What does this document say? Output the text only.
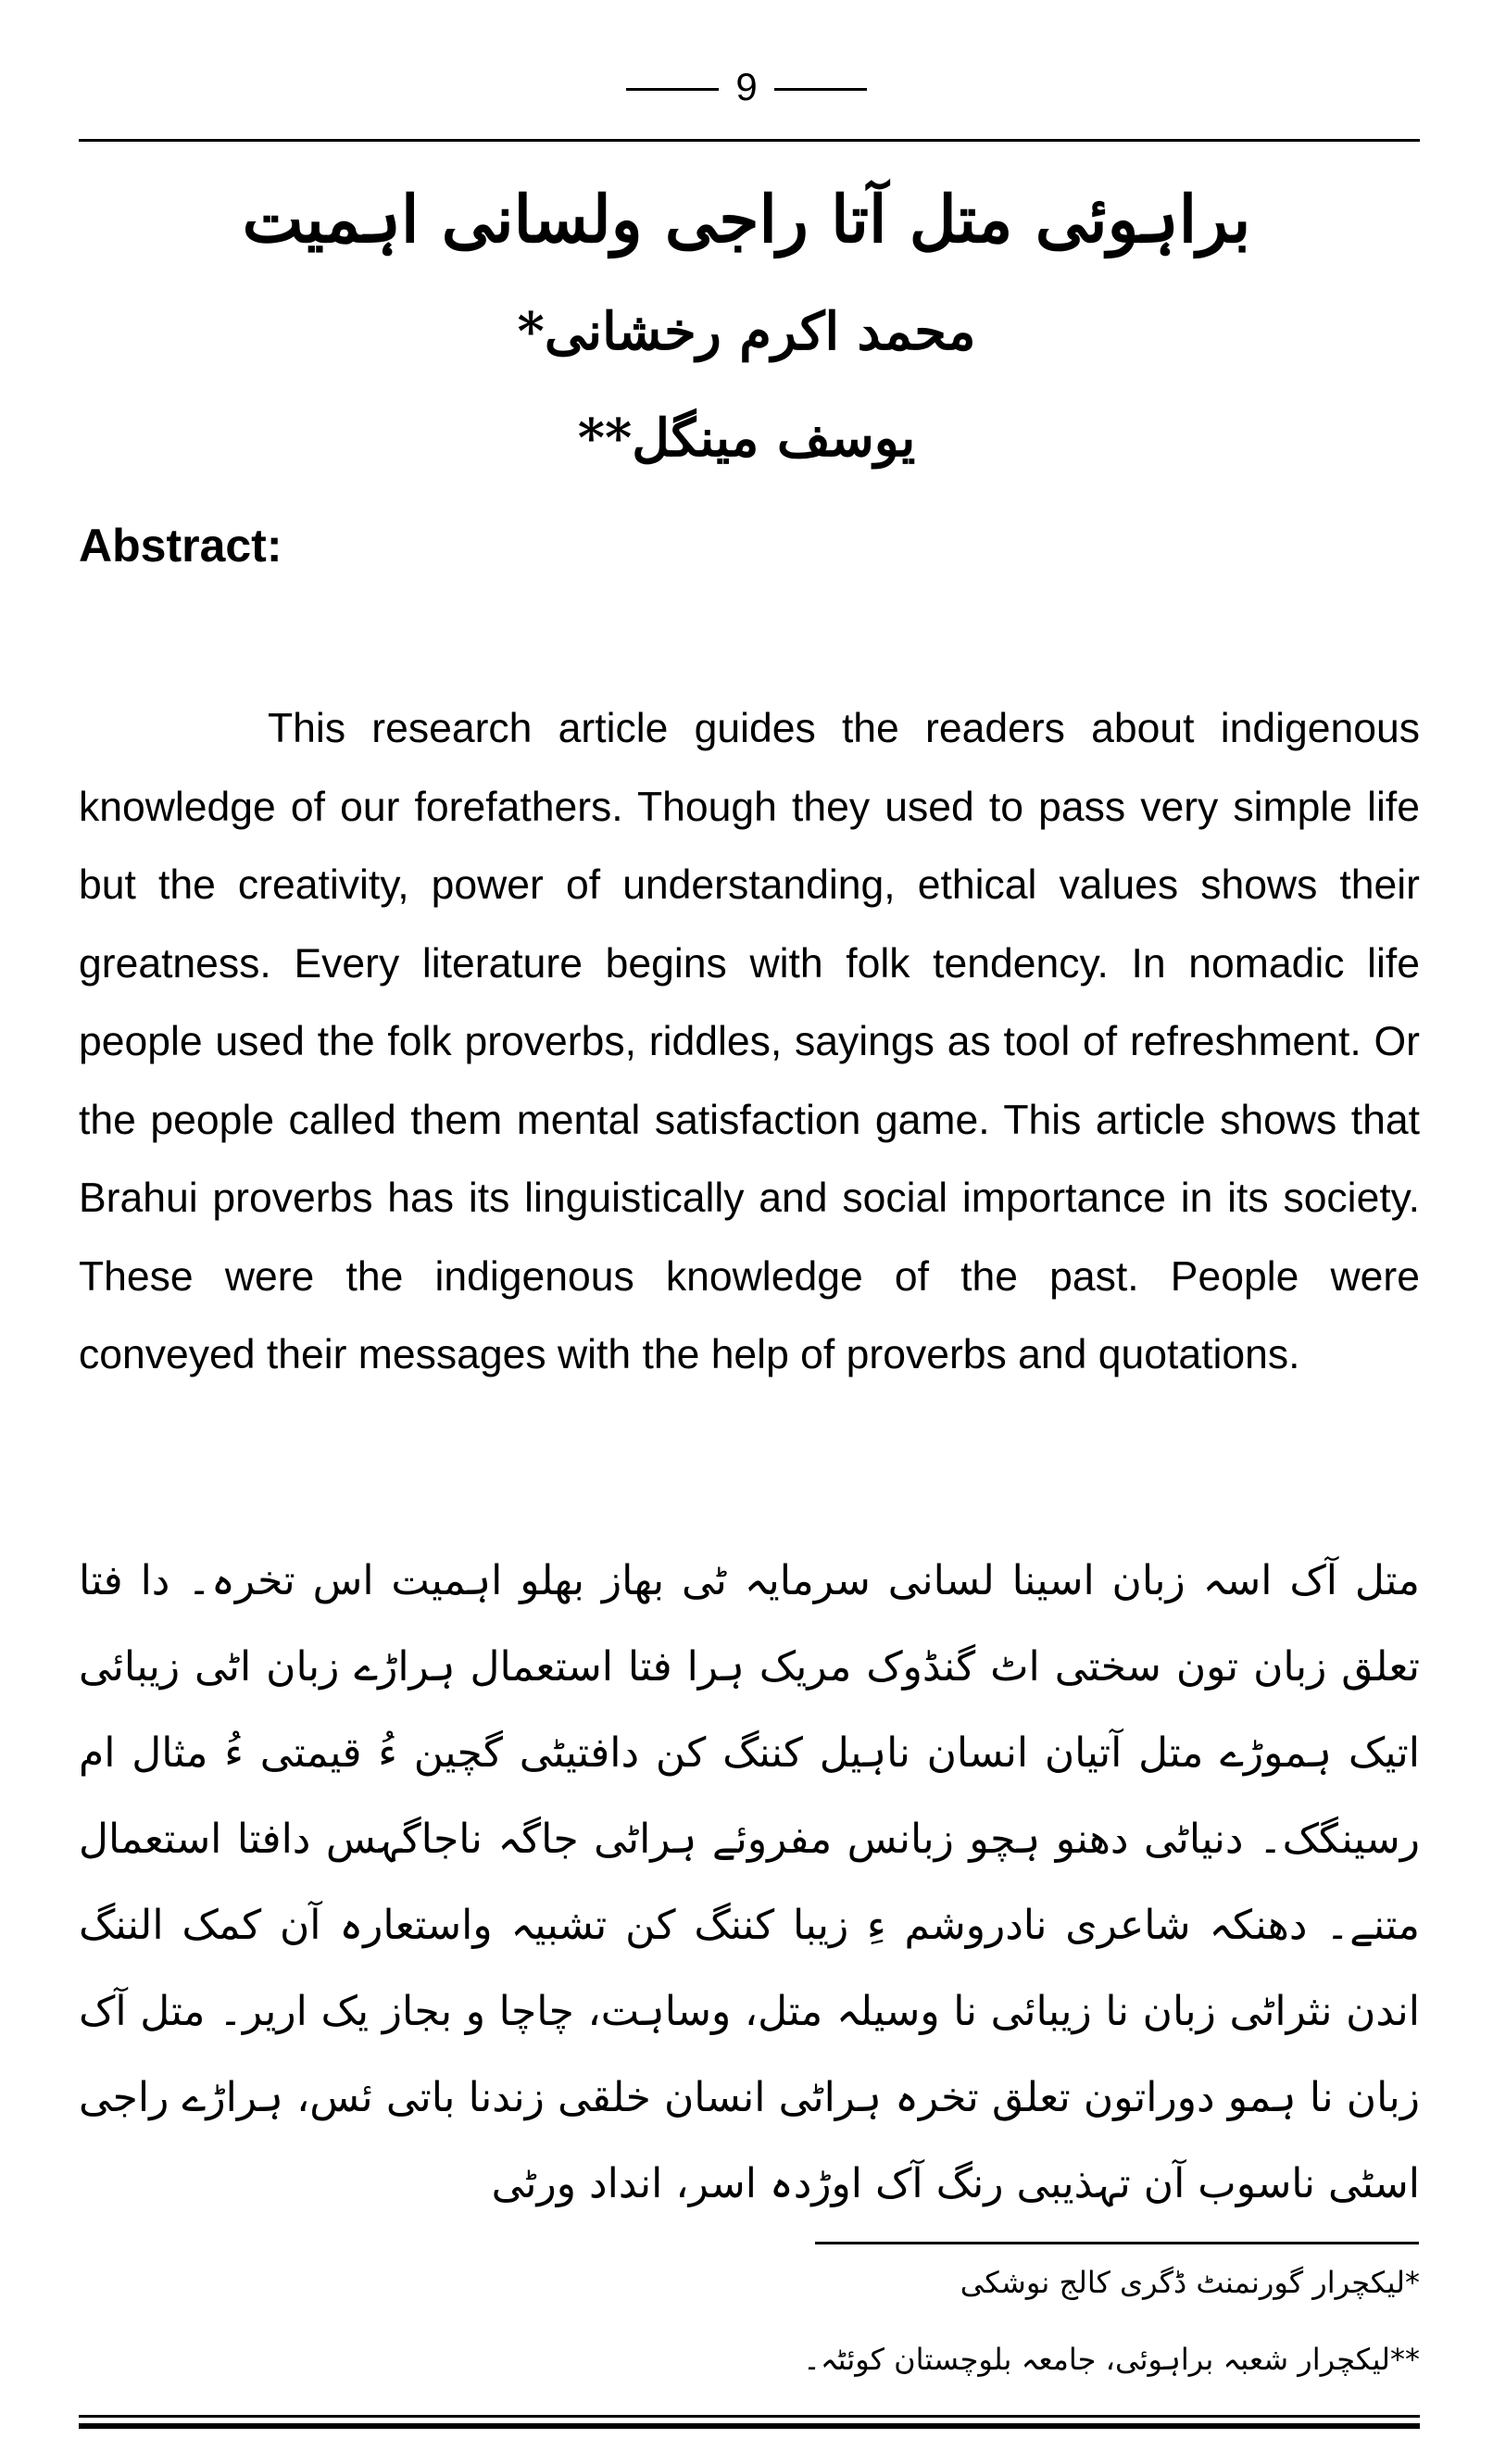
9
براہوئی متل آتا راجی ولسانی اہمیت
محمد اکرم رخشانی*
یوسف مینگل**
Abstract:
This research article guides the readers about indigenous knowledge of our forefathers. Though they used to pass very simple life but the creativity, power of understanding, ethical values shows their greatness. Every literature begins with folk tendency. In nomadic life people used the folk proverbs, riddles, sayings as tool of refreshment. Or the people called them mental satisfaction game. This article shows that Brahui proverbs has its linguistically and social importance in its society. These were the indigenous knowledge of the past. People were conveyed their messages with the help of proverbs and quotations.
متل آک اسہ زبان اسینا لسانی سرمایہ ٹی بھاز بھلو اہمیت اس تخرہ۔ دا فتا تعلق زبان تون سختی اٹ گنڈوک مریک ہرا فتا استعمال ہراڑے زبان اٹی زیبائی اتیک ہموڑے متل آتیان انسان ناہیل کننگ کن دافتیٹی گچین ءُ قیمتی ءُ مثال ام رسینگک۔ دنیاٹی دھنو ہچو زبانس مفروئے ہراٹی جاگہ ناجاگہس دافتا استعمال متنے۔ دھنکہ شاعری نادروشم ءِ زیبا کننگ کن تشبیہ واستعارہ آن کمک الننگ اندن نثراٹی زبان نا زیبائی نا وسیلہ متل، وساہت، چاچا و بجاز یک اریر۔ متل آک زبان نا ہمو دوراتون تعلق تخرہ ہراٹی انسان خلقی زندنا باتی ئس، ہراڑے راجی اسٹی ناسوب آن تہذیبی رنگ آک اوڑدہ اسر، انداد ورٹی
*لیکچرار گورنمنٹ ڈگری کالج نوشکی
**لیکچرار شعبہ براہوئی، جامعہ بلوچستان کوئٹہ۔
